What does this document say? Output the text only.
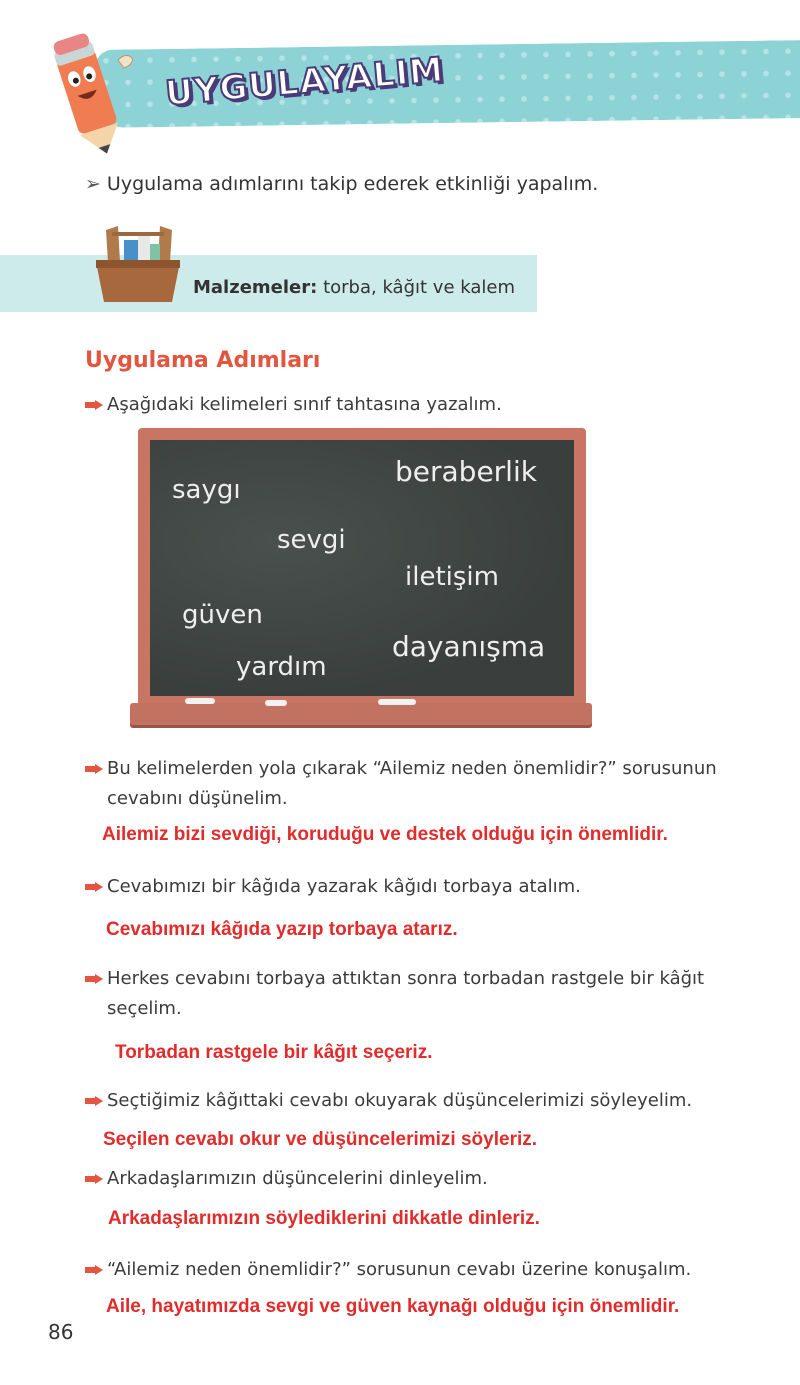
UYGULAYALIM
➢ Uygulama adımlarını takip ederek etkinliği yapalım.
Malzemeler: torba, kâğıt ve kalem
Uygulama Adımları
Aşağıdaki kelimeleri sınıf tahtasına yazalım.
saygı
beraberlik
sevgi
iletişim
güven
dayanışma
yardım
Bu kelimelerden yola çıkarak “Ailemiz neden önemlidir?” sorusunun
cevabını düşünelim.
Ailemiz bizi sevdiği, koruduğu ve destek olduğu için önemlidir.
Cevabımızı bir kâğıda yazarak kâğıdı torbaya atalım.
Cevabımızı kâğıda yazıp torbaya atarız.
Herkes cevabını torbaya attıktan sonra torbadan rastgele bir kâğıt
seçelim.
Torbadan rastgele bir kâğıt seçeriz.
Seçtiğimiz kâğıttaki cevabı okuyarak düşüncelerimizi söyleyelim.
Seçilen cevabı okur ve düşüncelerimizi söyleriz.
Arkadaşlarımızın düşüncelerini dinleyelim.
Arkadaşlarımızın söylediklerini dikkatle dinleriz.
“Ailemiz neden önemlidir?” sorusunun cevabı üzerine konuşalım.
Aile, hayatımızda sevgi ve güven kaynağı olduğu için önemlidir.
86
